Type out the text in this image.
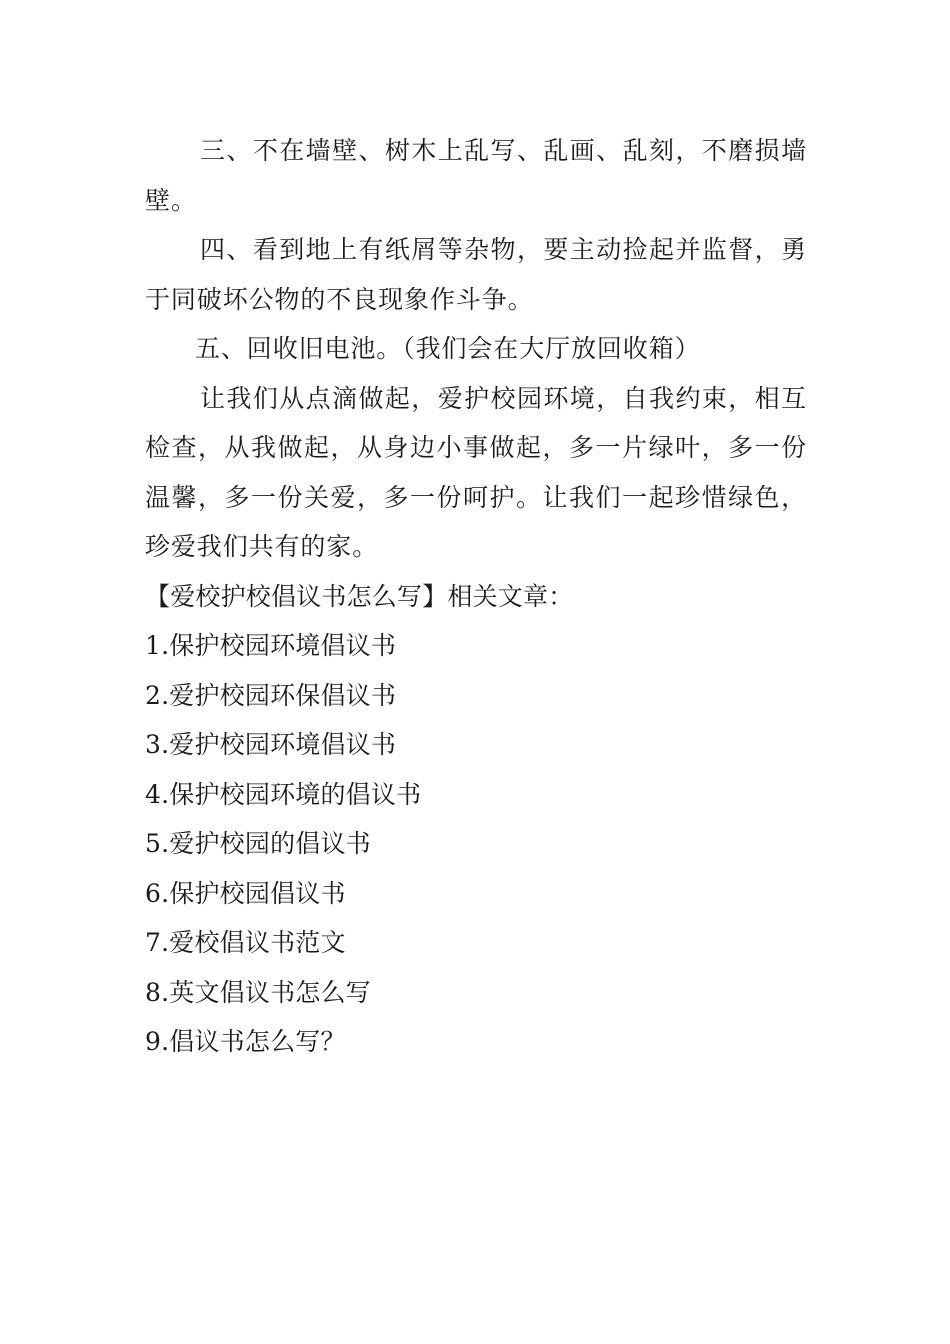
三、不在墙壁、树木上乱写、乱画、乱刻，不磨损墙壁。

四、看到地上有纸屑等杂物，要主动捡起并监督，勇于同破坏公物的不良现象作斗争。

五、回收旧电池。（我们会在大厅放回收箱）

让我们从点滴做起，爱护校园环境，自我约束，相互检查，从我做起，从身边小事做起，多一片绿叶，多一份温馨，多一份关爱，多一份呵护。让我们一起珍惜绿色，珍爱我们共有的家。

【爱校护校倡议书怎么写】相关文章：

1.保护校园环境倡议书
2.爱护校园环保倡议书
3.爱护校园环境倡议书
4.保护校园环境的倡议书
5.爱护校园的倡议书
6.保护校园倡议书
7.爱校倡议书范文
8.英文倡议书怎么写
9.倡议书怎么写？
